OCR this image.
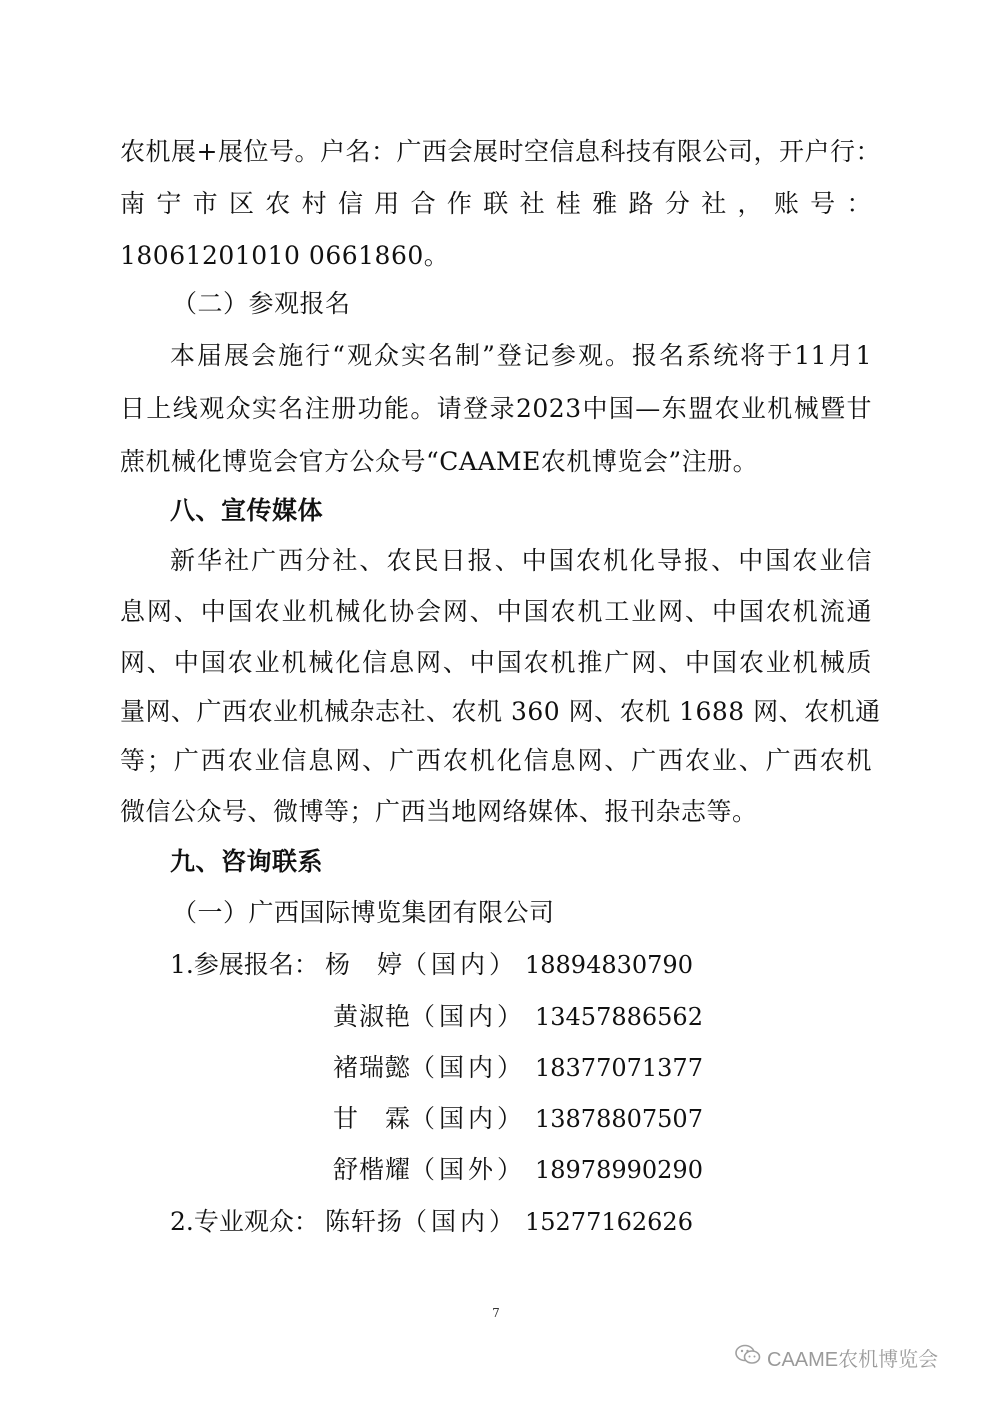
农机展+展位号。户名：广西会展时空信息科技有限公司，开户行：
南宁市区农村信用合作联社桂雅路分社，账号：
18061201010 0661860。
（二）参观报名
本届展会施行“观众实名制”登记参观。报名系统将于11月1
日上线观众实名注册功能。请登录2023中国—东盟农业机械暨甘
蔗机械化博览会官方公众号“CAAME农机博览会”注册。
八、宣传媒体
新华社广西分社、农民日报、中国农机化导报、中国农业信
息网、中国农业机械化协会网、中国农机工业网、中国农机流通
网、中国农业机械化信息网、中国农机推广网、中国农业机械质
量网、广西农业机械杂志社、农机 360 网、农机 1688 网、农机通
等；广西农业信息网、广西农机化信息网、广西农业、广西农机
微信公众号、微博等；广西当地网络媒体、报刊杂志等。
九、咨询联系
（一）广西国际博览集团有限公司
1.参展报名： 杨　婷
（国内） 18894830790
黄淑艳
（国内） 13457886562
褚瑞懿
（国内） 18377071377
甘　霖
（国内） 13878807507
舒楷耀
（国外） 18978990290
2.专业观众： 陈轩扬
（国内） 15277162626
7
CAAME农机博览会
